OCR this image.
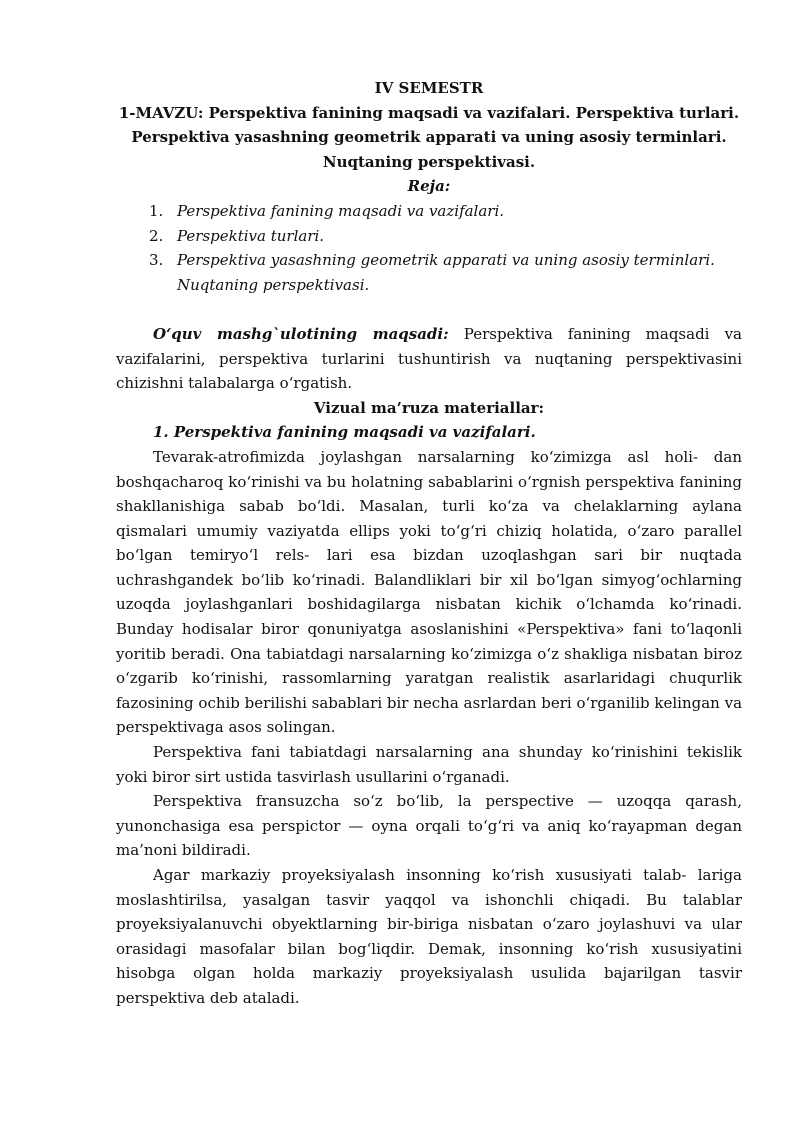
IV SEMESTR

1-MAVZU: Perspektiva fanining maqsadi va vazifalari. Perspektiva turlari.

Perspektiva yasashning geometrik apparati va uning asosiy terminlari.

Nuqtaning perspektivasi.

Reja:

1. Perspektiva fanining maqsadi va vazifalari.
2. Perspektiva turlari.
3. Perspektiva yasashning geometrik apparati va uning asosiy terminlari. Nuqtaning perspektivasi.

O‘quv mashg`ulotining maqsadi: Perspektiva fanining maqsadi va vazifalarini, perspektiva turlarini tushuntirish va nuqtaning perspektivasini chizishni talabalarga o‘rgatish.

Vizual ma’ruza materiallar:

1. Perspektiva fanining maqsadi va vazifalari.

Tevarak-atrofimizda joylashgan narsalarning ko‘zimizga asl holi- dan boshqacharoq ko‘rinishi va bu holatning sabablarini o‘rgnish perspektiva fanining shakllanishiga sabab bo‘ldi. Masalan, turli ko‘za va chelaklarning aylana qismalari umumiy vaziyatda ellips yoki to‘g‘ri chiziq holatida, o‘zaro parallel bo‘lgan temiryo‘l rels- lari esa bizdan uzoqlashgan sari bir nuqtada uchrashgandek bo‘lib ko‘rinadi. Balandliklari bir xil bo‘lgan simyog‘ochlarning uzoqda joylashganlari boshidagilarga nisbatan kichik o‘lchamda ko‘rinadi. Bunday hodisalar biror qonuniyatga asoslanishini «Perspektiva» fani to‘laqonli yoritib beradi. Ona tabiatdagi narsalarning ko‘zimizga o‘z shakliga nisbatan biroz o‘zgarib ko‘rinishi, rassomlarning yaratgan realistik asarlaridagi chuqurlik fazosining ochib berilishi sabablari bir necha asrlardan beri o‘rganilib kelingan va perspektivaga asos solingan.

Perspektiva fani tabiatdagi narsalarning ana shunday ko‘rinishini tekislik yoki biror sirt ustida tasvirlash usullarini o‘rganadi.

Perspektiva fransuzcha so‘z bo‘lib, la perspective — uzoqqa qarash, yunonchasiga esa perspictor — oyna orqali to‘g‘ri va aniq ko‘rayapman degan ma’noni bildiradi.

Agar markaziy proyeksiyalash insonning ko‘rish xususiyati talab- lariga moslashtirilsa, yasalgan tasvir yaqqol va ishonchli chiqadi. Bu talablar proyeksiyalanuvchi obyektlarning bir-biriga nisbatan o‘zaro joylashuvi va ular orasidagi masofalar bilan bog‘liqdir. Demak, insonning ko‘rish xususiyatini hisobga olgan holda markaziy proyeksiyalash usulida bajarilgan tasvir perspektiva deb ataladi.
